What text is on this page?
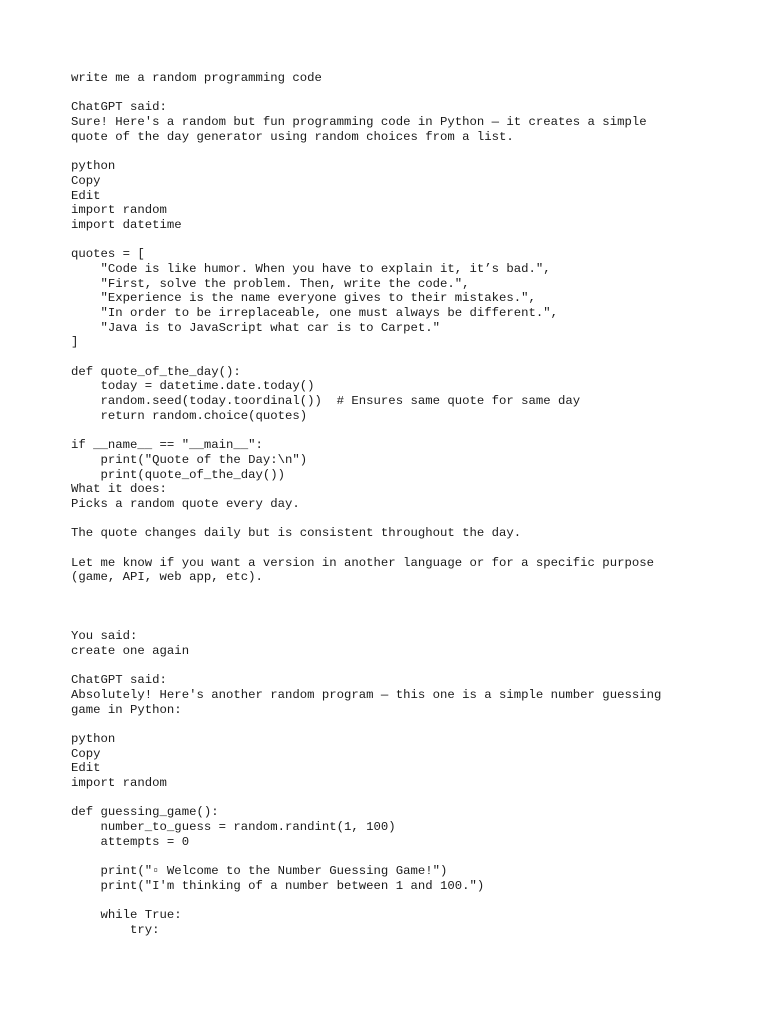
write me a random programming code
ChatGPT said:
Sure! Here's a random but fun programming code in Python — it creates a simple
quote of the day generator using random choices from a list.
python
Copy
Edit
import random
import datetime
quotes = [
"Code is like humor. When you have to explain it, it’s bad.",
"First, solve the problem. Then, write the code.",
"Experience is the name everyone gives to their mistakes.",
"In order to be irreplaceable, one must always be different.",
"Java is to JavaScript what car is to Carpet."
]
def quote_of_the_day():
today = datetime.date.today()
random.seed(today.toordinal())  # Ensures same quote for same day
return random.choice(quotes)
if __name__ == "__main__":
print("Quote of the Day:\n")
print(quote_of_the_day())
What it does:
Picks a random quote every day.
The quote changes daily but is consistent throughout the day.
Let me know if you want a version in another language or for a specific purpose
(game, API, web app, etc).
You said:
create one again
ChatGPT said:
Absolutely! Here's another random program — this one is a simple number guessing
game in Python:
python
Copy
Edit
import random
def guessing_game():
number_to_guess = random.randint(1, 100)
attempts = 0
print("▫ Welcome to the Number Guessing Game!")
print("I'm thinking of a number between 1 and 100.")
while True:
try:
